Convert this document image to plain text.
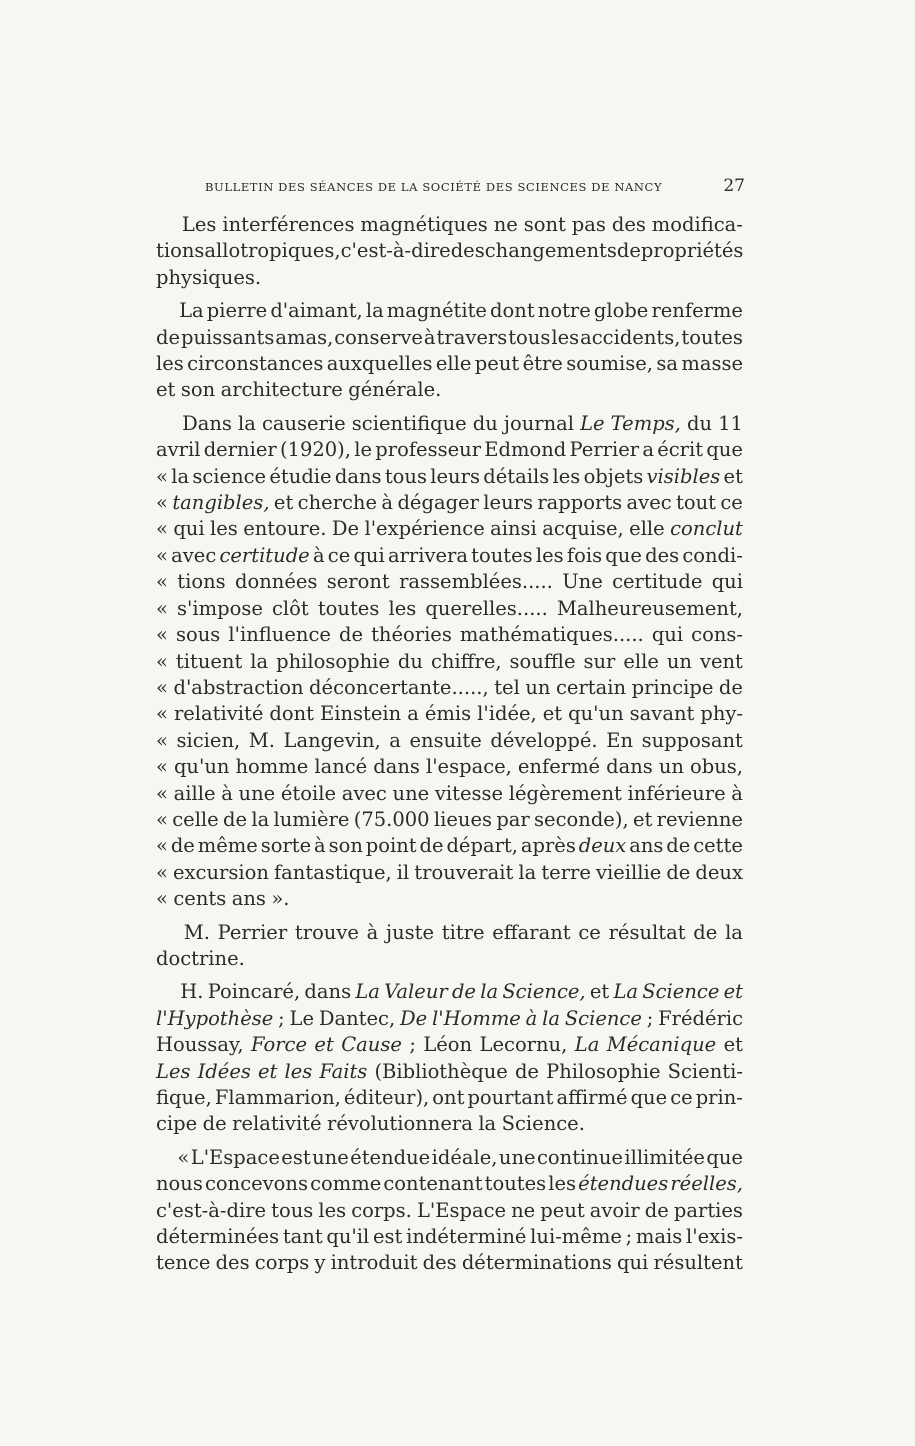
BULLETIN DES SÉANCES DE LA SOCIÉTÉ DES SCIENCES DE NANCY	27
Les interférences magnétiques ne sont pas des modifica-
tions allotropiques, c'est-à-dire des changements de propriétés
physiques.
La pierre d'aimant, la magnétite dont notre globe renferme
de puissants amas, conserve à travers tous les accidents, toutes
les circonstances auxquelles elle peut être soumise, sa masse
et son architecture générale.
Dans la causerie scientifique du journal Le Temps, du 11
avril dernier (1920), le professeur Edmond Perrier a écrit que
« la science étudie dans tous leurs détails les objets visibles et
« tangibles, et cherche à dégager leurs rapports avec tout ce
« qui les entoure. De l'expérience ainsi acquise, elle conclut
« avec certitude à ce qui arrivera toutes les fois que des condi-
« tions données seront rassemblées..... Une certitude qui
« s'impose clôt toutes les querelles..... Malheureusement,
« sous l'influence de théories mathématiques..... qui cons-
« tituent la philosophie du chiffre, souffle sur elle un vent
« d'abstraction déconcertante....., tel un certain principe de
« relativité dont Einstein a émis l'idée, et qu'un savant phy-
« sicien, M. Langevin, a ensuite développé. En supposant
« qu'un homme lancé dans l'espace, enfermé dans un obus,
« aille à une étoile avec une vitesse légèrement inférieure à
« celle de la lumière (75.000 lieues par seconde), et revienne
« de même sorte à son point de départ, après deux ans de cette
« excursion fantastique, il trouverait la terre vieillie de deux
« cents ans ».
M. Perrier trouve à juste titre effarant ce résultat de la
doctrine.
H. Poincaré, dans La Valeur de la Science, et La Science et
l'Hypothèse ; Le Dantec, De l'Homme à la Science ; Frédéric
Houssay, Force et Cause ; Léon Lecornu, La Mécanique et
Les Idées et les Faits (Bibliothèque de Philosophie Scienti-
fique, Flammarion, éditeur), ont pourtant affirmé que ce prin-
cipe de relativité révolutionnera la Science.
« L'Espace est une étendue idéale, une continue illimitée que
nous concevons comme contenant toutes les étendues réelles,
c'est-à-dire tous les corps. L'Espace ne peut avoir de parties
déterminées tant qu'il est indéterminé lui-même ; mais l'exis-
tence des corps y introduit des déterminations qui résultent
